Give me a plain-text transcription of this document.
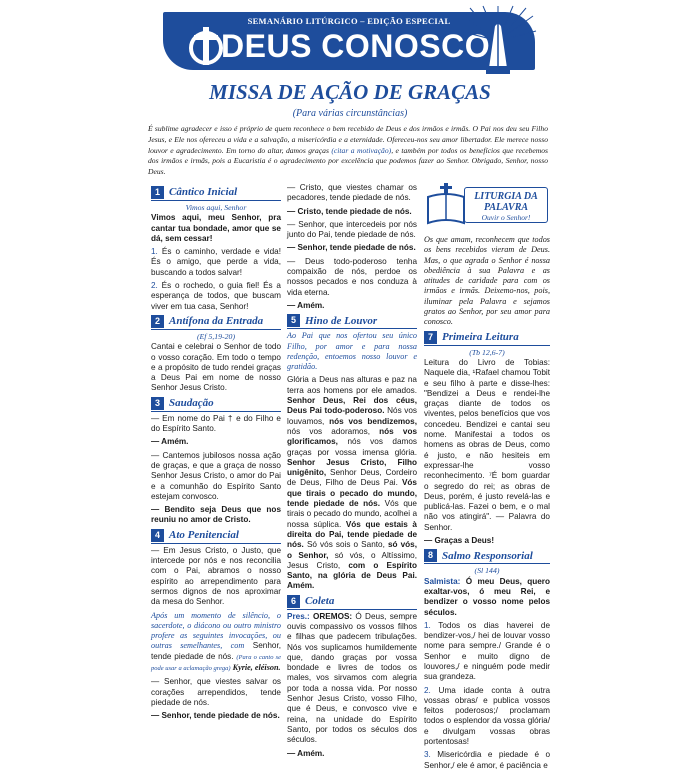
SEMANÁRIO LITÚRGICO – EDIÇÃO ESPECIAL
DEUS CONOSCO
MISSA DE AÇÃO DE GRAÇAS
(Para várias circunstâncias)
É sublime agradecer e isso é próprio de quem reconhece o bem recebido de Deus e dos irmãos e irmãs. O Pai nos deu seu Filho Jesus, e Ele nos ofereceu a vida e a salvação, a misericórdia e a eternidade. Ofereceu-nos seu amor libertador. Ele merece nosso louvor e agradecimento. Em torno do altar, damos graças (citar a motivação), e também por todos os benefícios que recebemos dos irmãos e irmãs, pois a Eucaristia é o agradecimento por excelência que podemos fazer ao Senhor. Obrigado, Senhor, nosso Deus.
1 Cântico Inicial
Vimos aqui, Senhor

Vimos aqui, meu Senhor, pra cantar tua bondade, amor que se dá, sem cessar!

1. És o caminho, verdade e vida! És o amigo, que perde a vida, buscando a todos salvar!

2. És o rochedo, o guia fiel! És a esperança de todos, que buscam viver em tua casa, Senhor!

2 Antífona da Entrada
(Ef 5,19-20)

Cantai e celebrai o Senhor de todo o vosso coração. Em todo o tempo e a propósito de tudo rendei graças a Deus Pai em nome de nosso Senhor Jesus Cristo.

3 Saudação

— Em nome do Pai † e do Filho e do Espírito Santo.

— Amém.

— Cantemos jubilosos nossa ação de graças, e que a graça de nosso Senhor Jesus Cristo, o amor do Pai e a comunhão do Espírito Santo estejam convosco.

— Bendito seja Deus que nos reuniu no amor de Cristo.

4 Ato Penitencial

— Em Jesus Cristo, o Justo, que intercede por nós e nos reconcilia com o Pai, abramos o nosso espírito ao arrependimento para sermos dignos de nos aproximar da mesa do Senhor.

Após um momento de silêncio, o sacerdote, o diácono ou outro ministro profere as seguintes invocações, ou outras semelhantes, com Senhor, tende piedade de nós. (Para o canto se pode usar a aclamação grega) Kyrie, eléison.

— Senhor, que viestes salvar os corações arrependidos, tende piedade de nós.

— Senhor, tende piedade de nós.

— Cristo, que viestes chamar os pecadores, tende piedade de nós.

— Cristo, tende piedade de nós.

— Senhor, que intercedeis por nós junto do Pai, tende piedade de nós.

— Senhor, tende piedade de nós.

— Deus todo-poderoso tenha compaixão de nós, perdoe os nossos pecados e nos conduza à vida eterna.

— Amém.

5 Hino de Louvor

Ao Pai que nos ofertou seu único Filho, por amor e para nossa redenção, entoemos nosso louvor e gratidão.

Glória a Deus nas alturas e paz na terra aos homens por ele amados. Senhor Deus, Rei dos céus, Deus Pai todo-poderoso. Nós vos louvamos, nós vos bendizemos, nós vos adoramos, nós vos glorificamos, nós vos damos graças por vossa imensa glória. Senhor Jesus Cristo, Filho unigênito, Senhor Deus, Cordeiro de Deus, Filho de Deus Pai. Vós que tirais o pecado do mundo, tende piedade de nós. Vós que tirais o pecado do mundo, acolhei a nossa súplica. Vós que estais à direita do Pai, tende piedade de nós. Só vós sois o Santo, só vós, o Senhor, só vós, o Altíssimo, Jesus Cristo, com o Espírito Santo, na glória de Deus Pai. Amém.

6 Coleta

Pres.: OREMOS: Ó Deus, sempre ouvis compassivo os vossos filhos e filhas que padecem tribulações. Nós vos suplicamos humildemente que, dando graças por vossa bondade e livres de todos os males, vos sirvamos com alegria por toda a nossa vida. Por nosso Senhor Jesus Cristo, vosso Filho, que é Deus, e convosco vive e reina, na unidade do Espírito Santo, por todos os séculos dos séculos.

— Amém.

LITURGIA DA PALAVRA
Ouvir o Senhor!

Os que amam, reconhecem que todos os bens recebidos vieram de Deus. Mas, o que agrada o Senhor é nossa obediência à sua Palavra e as atitudes de caridade para com os irmãos e irmãs. Deixemo-nos, pois, iluminar pela Palavra e sejamos gratos ao Senhor, por seu amor para conosco.

7 Primeira Leitura
(Tb 12,6-7)

Leitura do Livro de Tobias: Naquele dia, ¹Rafael chamou Tobit e seu filho à parte e disse-lhes: "Bendizei a Deus e rendei-lhe graças diante de todos os viventes, pelos benefícios que vos concedeu. Bendizei e cantai seu nome. Manifestai a todos os homens as obras de Deus, como é justo, e não hesiteis em expressar-lhe vosso reconhecimento. ⁷É bom guardar o segredo do rei; as obras de Deus, porém, é justo revelá-las e publicá-las. Fazei o bem, e o mal não vos atingirá". — Palavra do Senhor.

— Graças a Deus!

8 Salmo Responsorial
(Sl 144)

Salmista: Ó meu Deus, quero exaltar-vos, ó meu Rei, e bendizer o vosso nome pelos séculos.

1. Todos os dias haverei de bendizer-vos,/ hei de louvar vosso nome para sempre./ Grande é o Senhor e muito digno de louvores,/ e ninguém pode medir sua grandeza.

2. Uma idade conta à outra vossas obras/ e publica vossos feitos poderosos;/ proclamam todos o esplendor da vossa glória/ e divulgam vossas obras portentosas!

3. Misericórdia e piedade é o Senhor,/ ele é amor, é paciência e
